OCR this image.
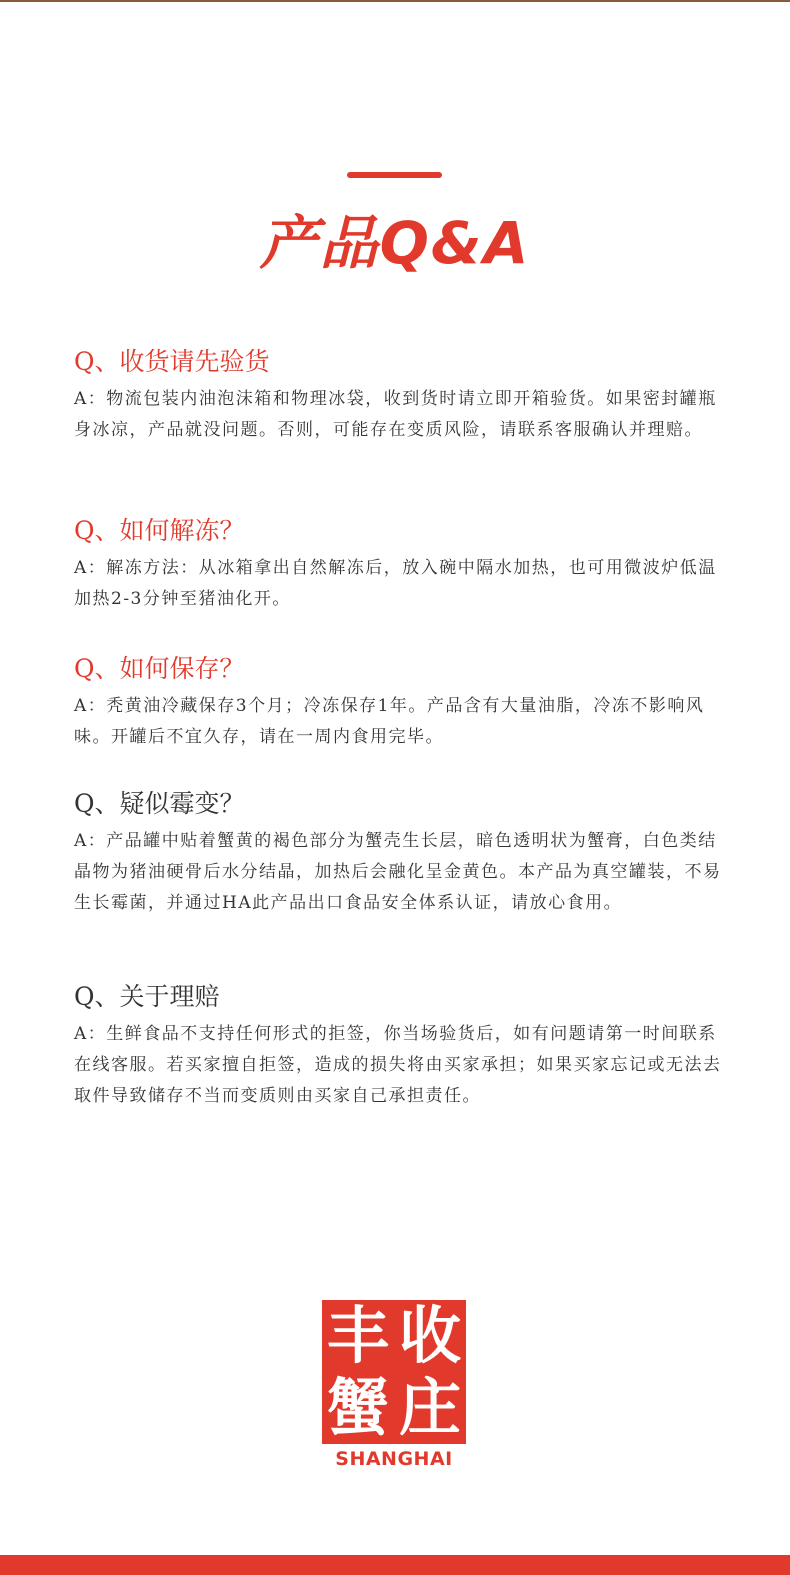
产品Q&A
Q、收货请先验货
A：物流包装内油泡沫箱和物理冰袋，收到货时请立即开箱验货。如果密封罐瓶身冰凉，产品就没问题。否则，可能存在变质风险，请联系客服确认并理赔。
Q、如何解冻？
A：解冻方法：从冰箱拿出自然解冻后，放入碗中隔水加热，也可用微波炉低温加热2-3分钟至猪油化开。
Q、如何保存？
A：秃黄油冷藏保存3个月；冷冻保存1年。产品含有大量油脂，冷冻不影响风味。开罐后不宜久存，请在一周内食用完毕。
Q、疑似霉变？
A：产品罐中贴着蟹黄的褐色部分为蟹壳生长层，暗色透明状为蟹膏，白色类结晶物为猪油硬骨后水分结晶，加热后会融化呈金黄色。本产品为真空罐装，不易生长霉菌，并通过HA此产品出口食品安全体系认证，请放心食用。
Q、关于理赔
A：生鲜食品不支持任何形式的拒签，你当场验货后，如有问题请第一时间联系在线客服。若买家擅自拒签，造成的损失将由买家承担；如果买家忘记或无法去取件导致储存不当而变质则由买家自己承担责任。
丰 收
蟹 庄
SHANGHAI
